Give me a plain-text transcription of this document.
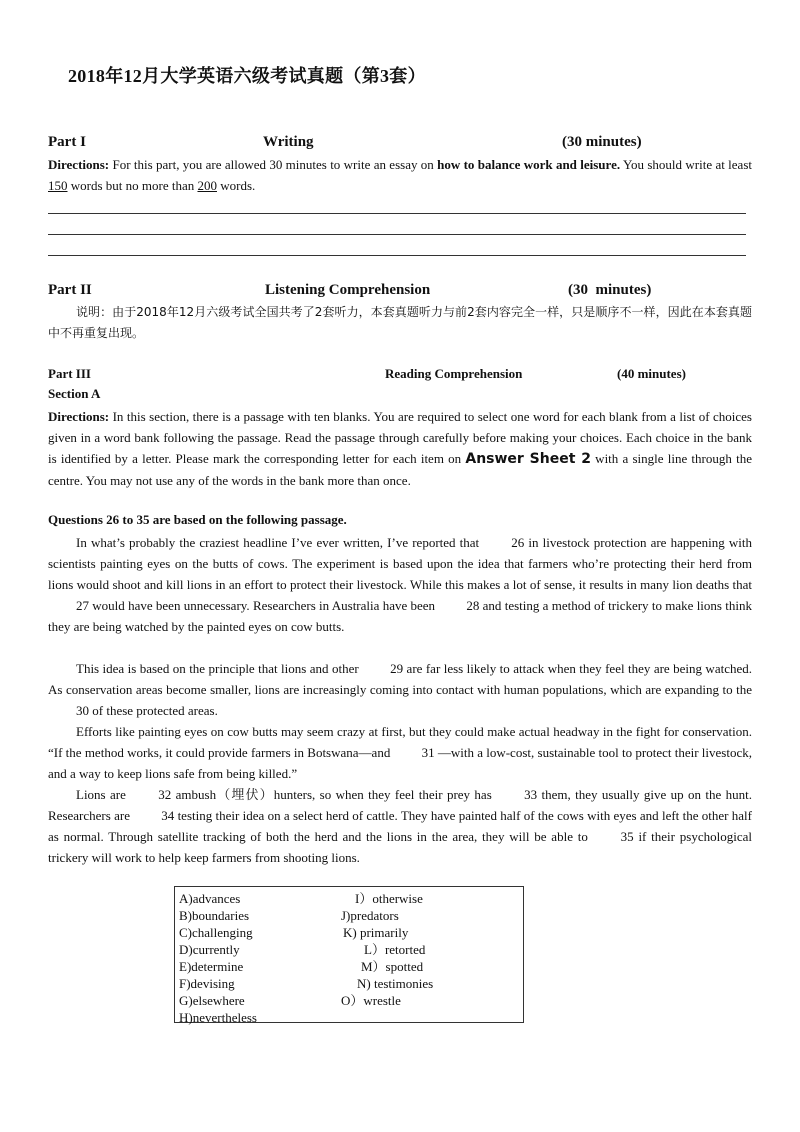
2018年12月大学英语六级考试真题（第3套）
Part I	Writing	(30 minutes)
Directions: For this part, you are allowed 30 minutes to write an essay on how to balance work and leisure. You should write at least 150 words but no more than 200 words.
Part II	Listening Comprehension	(30  minutes)
说明：由于2018年12月六级考试全国共考了2套听力，本套真题听力与前2套内容完全一样，只是顺序不一样，因此在本套真题中不再重复出现。
Part III	Reading Comprehension	(40 minutes)
Section A
Directions: In this section, there is a passage with ten blanks. You are required to select one word for each blank from a list of choices given in a word bank following the passage. Read the passage through carefully before making your choices. Each choice in the bank is identified by a letter. Please mark the corresponding letter for each item on Answer Sheet 2 with a single line through the centre. You may not use any of the words in the bank more than once.
Questions 26 to 35 are based on the following passage.
In what’s probably the craziest headline I’ve ever written, I’ve reported that 26 in livestock protection are happening with scientists painting eyes on the butts of cows. The experiment is based upon the idea that farmers who’re protecting their herd from lions would shoot and kill lions in an effort to protect their livestock. While this makes a lot of sense, it results in many lion deaths that 27 would have been unnecessary. Researchers in Australia have been 28 and testing a method of trickery to make lions think they are being watched by the painted eyes on cow butts.
This idea is based on the principle that lions and other 29 are far less likely to attack when they feel they are being watched. As conservation areas become smaller, lions are increasingly coming into contact with human populations, which are expanding to the 30 of these protected areas.
Efforts like painting eyes on cow butts may seem crazy at first, but they could make actual headway in the fight for conservation. “If the method works, it could provide farmers in Botswana—and 31 —with a low-cost, sustainable tool to protect their livestock, and a way to keep lions safe from being killed.”
Lions are 32 ambush（埋伏）hunters, so when they feel their prey has 33 them, they usually give up on the hunt. Researchers are 34 testing their idea on a select herd of cattle. They have painted half of the cows with eyes and left the other half as normal. Through satellite tracking of both the herd and the lions in the area, they will be able to 35 if their psychological trickery will work to help keep farmers from shooting lions.
A)advances
B)boundaries
C)challenging
D)currently
E)determine
F)devising
G)elsewhere
H)nevertheless
I）otherwise
J)predators
K) primarily
L）retorted
M）spotted
N) testimonies
O）wrestle
